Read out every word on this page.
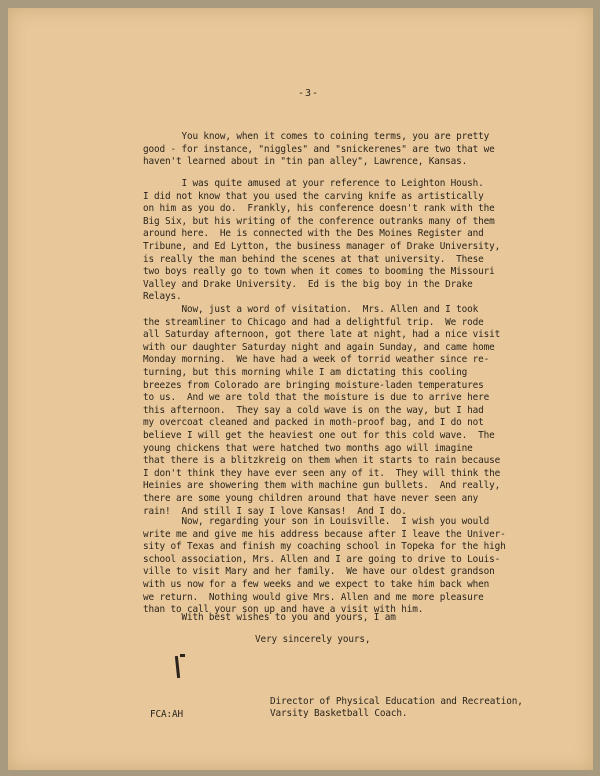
-3-
You know, when it comes to coining terms, you are pretty
good - for instance, "niggles" and "snickerenes" are two that we
haven't learned about in "tin pan alley", Lawrence, Kansas.
I was quite amused at your reference to Leighton Housh.
I did not know that you used the carving knife as artistically
on him as you do.  Frankly, his conference doesn't rank with the
Big Six, but his writing of the conference outranks many of them
around here.  He is connected with the Des Moines Register and
Tribune, and Ed Lytton, the business manager of Drake University,
is really the man behind the scenes at that university.  These
two boys really go to town when it comes to booming the Missouri
Valley and Drake University.  Ed is the big boy in the Drake
Relays.
Now, just a word of visitation.  Mrs. Allen and I took
the streamliner to Chicago and had a delightful trip.  We rode
all Saturday afternoon, got there late at night, had a nice visit
with our daughter Saturday night and again Sunday, and came home
Monday morning.  We have had a week of torrid weather since re-
turning, but this morning while I am dictating this cooling
breezes from Colorado are bringing moisture-laden temperatures
to us.  And we are told that the moisture is due to arrive here
this afternoon.  They say a cold wave is on the way, but I had
my overcoat cleaned and packed in moth-proof bag, and I do not
believe I will get the heaviest one out for this cold wave.  The
young chickens that were hatched two months ago will imagine
that there is a blitzkreig on them when it starts to rain because
I don't think they have ever seen any of it.  They will think the
Heinies are showering them with machine gun bullets.  And really,
there are some young children around that have never seen any
rain!  And still I say I love Kansas!  And I do.
Now, regarding your son in Louisville.  I wish you would
write me and give me his address because after I leave the Univer-
sity of Texas and finish my coaching school in Topeka for the high
school association, Mrs. Allen and I are going to drive to Louis-
ville to visit Mary and her family.  We have our oldest grandson
with us now for a few weeks and we expect to take him back when
we return.  Nothing would give Mrs. Allen and me more pleasure
than to call your son up and have a visit with him.
With best wishes to you and yours, I am
Very sincerely yours,
Director of Physical Education and Recreation,
Varsity Basketball Coach.
FCA:AH
